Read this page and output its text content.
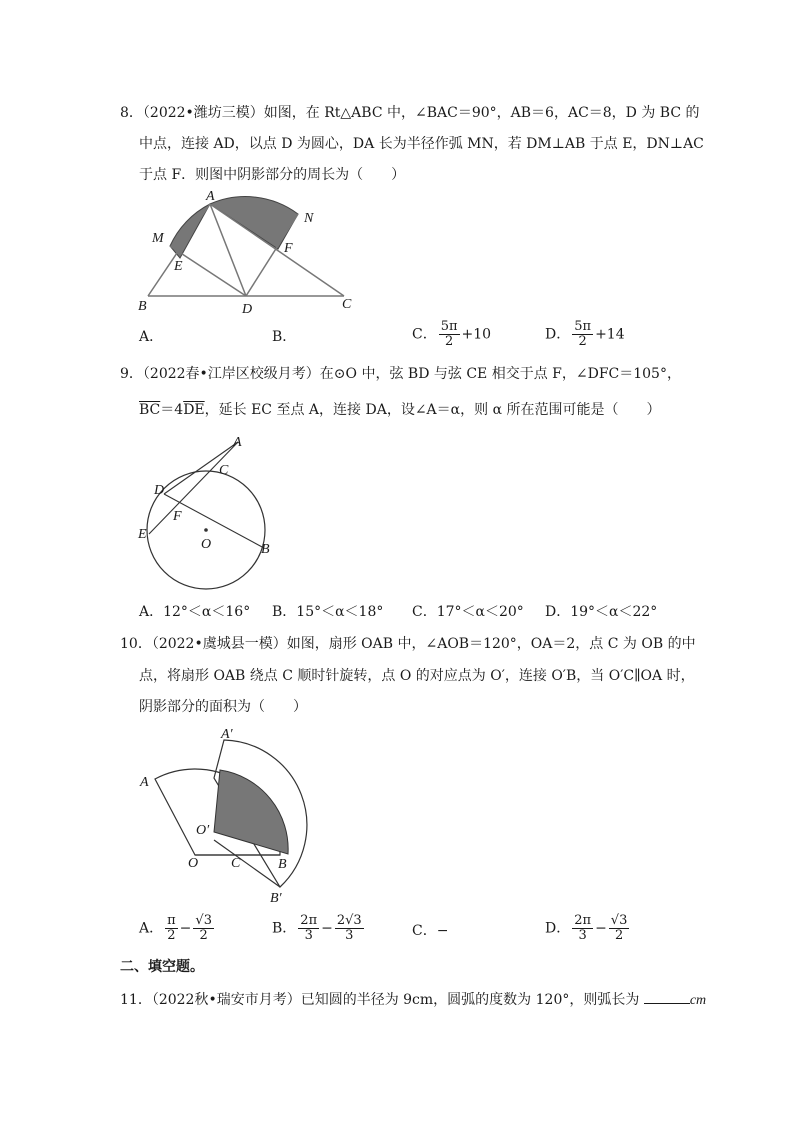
8．（2022•潍坊三模）如图，在 Rt△ABC 中，∠BAC＝90°，AB＝6，AC＝8，D 为 BC 的
中点，连接 AD，以点 D 为圆心，DA 长为半径作弧 MN，若 DM⊥AB 于点 E，DN⊥AC
于点 F．则图中阴影部分的周长为（　　）
A
M
N
E
F
B	D	C
A．	B．	C． $\frac{5\pi}{2} +10$	D． $\frac{5\pi}{2} +14$
9．（2022春•江岸区校级月考）在⊙O 中，弦 BD 与弦 CE 相交于点 F，∠DFC＝105°，
$\overline{BC}=4\overline{DE}$，延长 EC 至点 A，连接 DA，设∠A＝α，则 α 所在范围可能是（　　）
A
C
D
F
E
O	B
A．12°＜α＜16° B．15°＜α＜18° C．17°＜α＜20° D．19°＜α＜22°
10．（2022•虞城县一模）如图，扇形 OAB 中，∠AOB＝120°，OA＝2，点 C 为 OB 的中
点，将扇形 OAB 绕点 C 顺时针旋转，点 O 的对应点为 O′，连接 O′B，当 O′C∥OA 时，
阴影部分的面积为（　　）
A′
A
O′
O C	B
B′
A． $\frac{\pi}{2} - \frac{√3}{2}$	B． $\frac{2\pi}{3} - \frac{2√3}{3}$	C．−	D． $\frac{2\pi}{3} - \frac{√3}{2}$
二、填空题。
11．（2022秋•瑞安市月考）已知圆的半径为 9cm，圆弧的度数为 120°，则弧长为	cm
